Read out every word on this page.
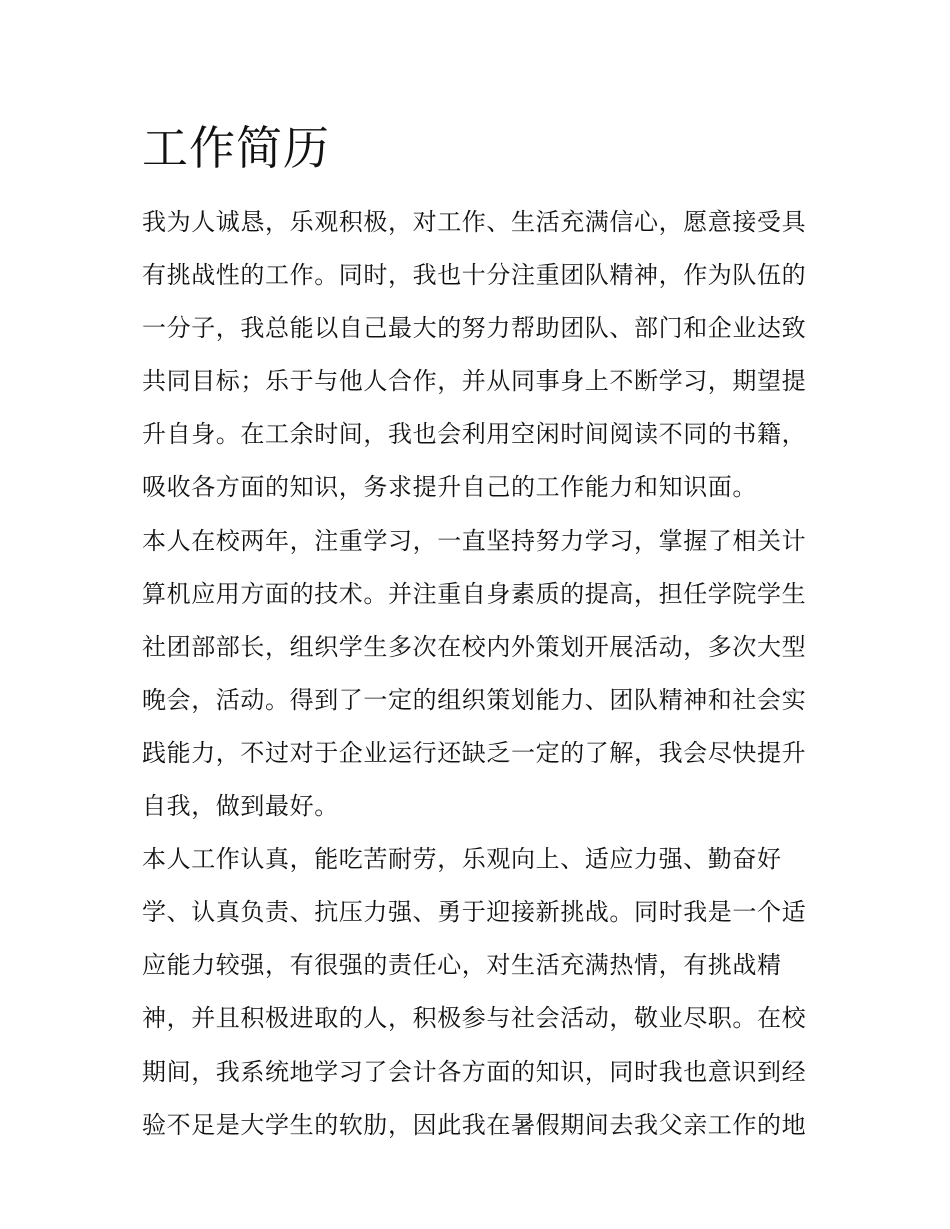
工作简历
我为人诚恳，乐观积极，对工作、生活充满信心，愿意接受具
有挑战性的工作。同时，我也十分注重团队精神，作为队伍的
一分子，我总能以自己最大的努力帮助团队、部门和企业达致
共同目标；乐于与他人合作，并从同事身上不断学习，期望提
升自身。在工余时间，我也会利用空闲时间阅读不同的书籍，
吸收各方面的知识，务求提升自己的工作能力和知识面。
本人在校两年，注重学习，一直坚持努力学习，掌握了相关计
算机应用方面的技术。并注重自身素质的提高，担任学院学生
社团部部长，组织学生多次在校内外策划开展活动，多次大型
晚会，活动。得到了一定的组织策划能力、团队精神和社会实
践能力，不过对于企业运行还缺乏一定的了解，我会尽快提升
自我，做到最好。
本人工作认真，能吃苦耐劳，乐观向上、适应力强、勤奋好
学、认真负责、抗压力强、勇于迎接新挑战。同时我是一个适
应能力较强，有很强的责任心，对生活充满热情，有挑战精
神，并且积极进取的人，积极参与社会活动，敬业尽职。在校
期间，我系统地学习了会计各方面的知识，同时我也意识到经
验不足是大学生的软肋，因此我在暑假期间去我父亲工作的地
